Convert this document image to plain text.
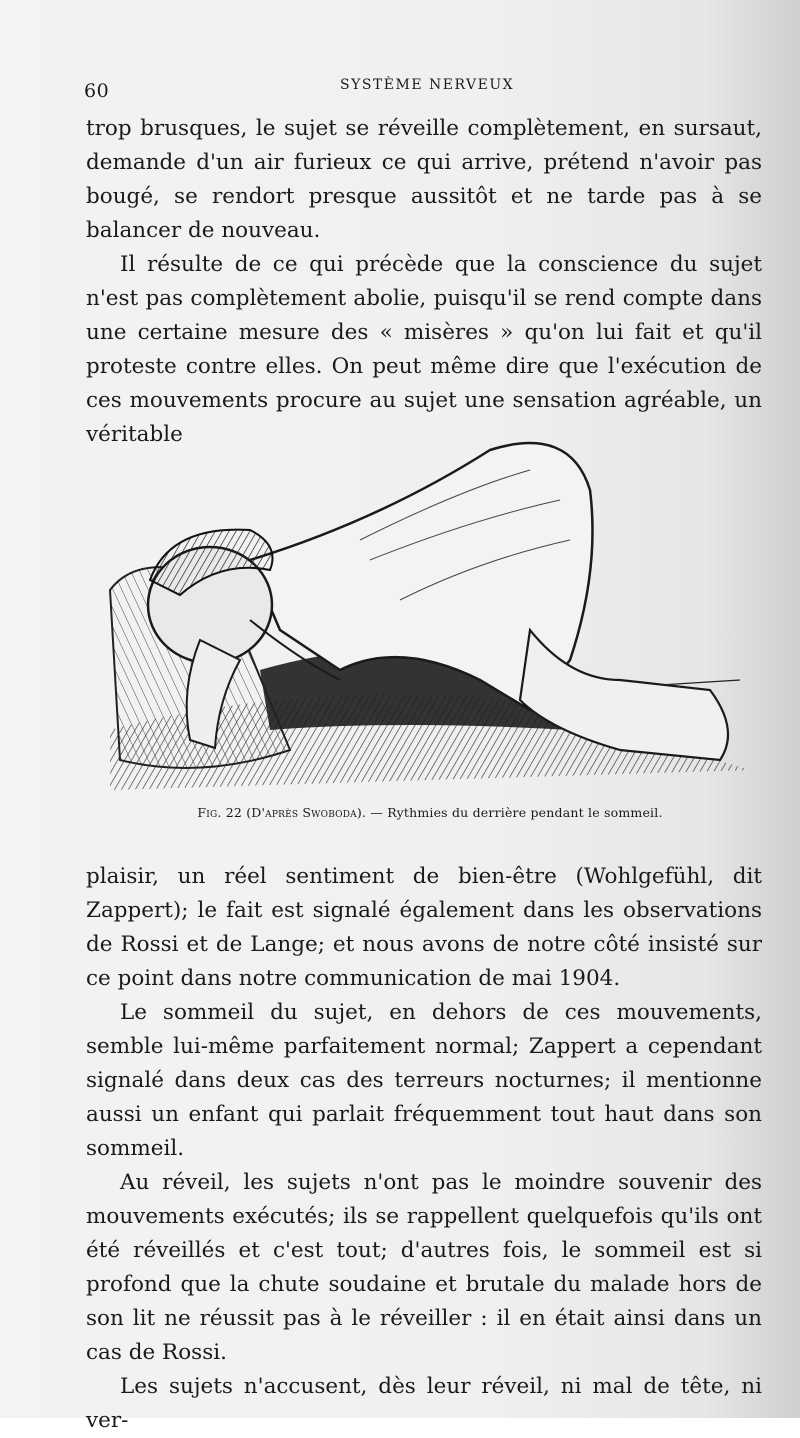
60	SYSTÈME NERVEUX

trop brusques, le sujet se réveille complètement, en sursaut, demande d'un air furieux ce qui arrive, prétend n'avoir pas bougé, se rendort presque aussitôt et ne tarde pas à se balancer de nouveau.

Il résulte de ce qui précède que la conscience du sujet n'est pas complètement abolie, puisqu'il se rend compte dans une certaine mesure des « misères » qu'on lui fait et qu'il proteste contre elles. On peut même dire que l'exécution de ces mouvements procure au sujet une sensation agréable, un véritable

Fig. 22 (D'après Swoboda). — Rythmies du derrière pendant le sommeil.

plaisir, un réel sentiment de bien-être (Wohlgefühl, dit Zappert); le fait est signalé également dans les observations de Rossi et de Lange; et nous avons de notre côté insisté sur ce point dans notre communication de mai 1904.

Le sommeil du sujet, en dehors de ces mouvements, semble lui-même parfaitement normal; Zappert a cependant signalé dans deux cas des terreurs nocturnes; il mentionne aussi un enfant qui parlait fréquemment tout haut dans son sommeil.

Au réveil, les sujets n'ont pas le moindre souvenir des mouvements exécutés; ils se rappellent quelquefois qu'ils ont été réveillés et c'est tout; d'autres fois, le sommeil est si profond que la chute soudaine et brutale du malade hors de son lit ne réussit pas à le réveiller : il en était ainsi dans un cas de Rossi.

Les sujets n'accusent, dès leur réveil, ni mal de tête, ni ver-
